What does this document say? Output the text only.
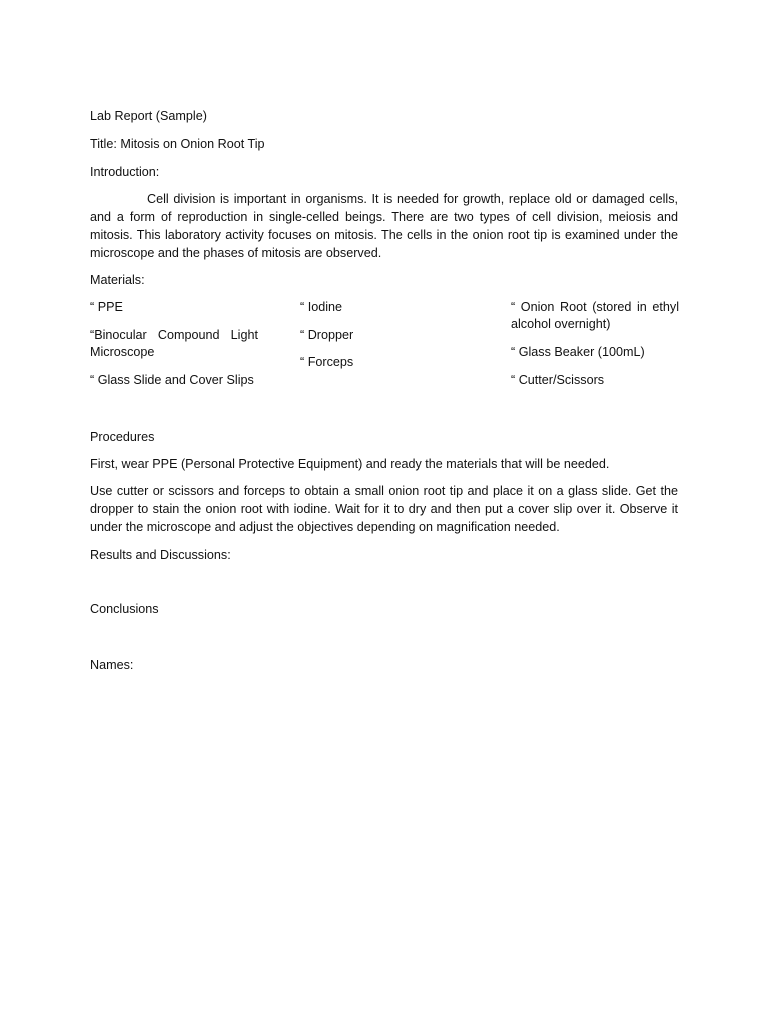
Lab Report (Sample)
Title: Mitosis on Onion Root Tip
Introduction:
Cell division is important in organisms. It is needed for growth, replace old or damaged cells, and a form of reproduction in single-celled beings. There are two types of cell division, meiosis and mitosis. This laboratory activity focuses on mitosis. The cells in the onion root tip is examined under the microscope and the phases of mitosis are observed.
Materials:
“ PPE
“Binocular Compound Light Microscope
“ Glass Slide and Cover Slips
“ Iodine
“ Dropper
“ Forceps
“ Onion Root (stored in ethyl alcohol overnight)
“ Glass Beaker (100mL)
“ Cutter/Scissors
Procedures
First, wear PPE (Personal Protective Equipment) and ready the materials that will be needed.
Use cutter or scissors and forceps to obtain a small onion root tip and place it on a glass slide. Get the dropper to stain the onion root with iodine. Wait for it to dry and then put a cover slip over it. Observe it under the microscope and adjust the objectives depending on magnification needed.
Results and Discussions:
Conclusions
Names:
